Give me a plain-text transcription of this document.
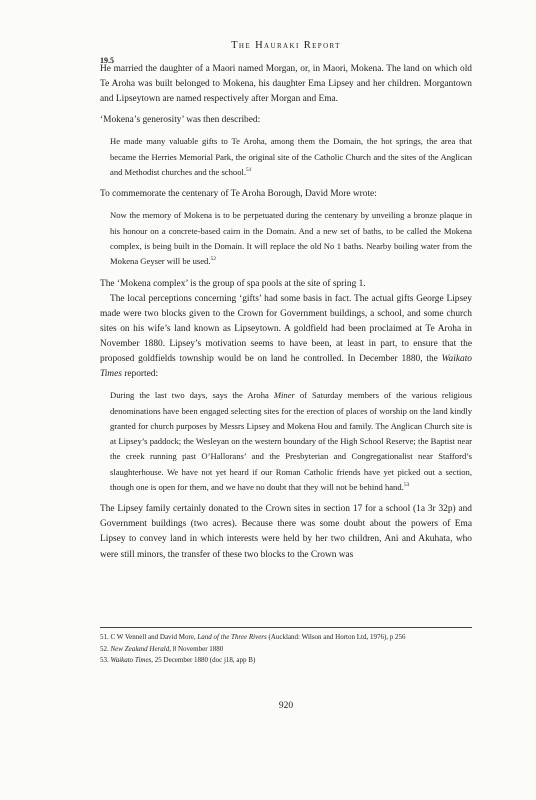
19.5
The Hauraki Report

He married the daughter of a Maori named Morgan, or, in Maori, Mokena. The land on which old Te Aroha was built belonged to Mokena, his daughter Ema Lipsey and her children. Morgantown and Lipseytown are named respectively after Morgan and Ema.

‘Mokena’s generosity’ was then described:

He made many valuable gifts to Te Aroha, among them the Domain, the hot springs, the area that became the Herries Memorial Park, the original site of the Catholic Church and the sites of the Anglican and Methodist churches and the school.$^{51}$

To commemorate the centenary of Te Aroha Borough, David More wrote:

Now the memory of Mokena is to be perpetuated during the centenary by unveiling a bronze plaque in his honour on a concrete-based cairn in the Domain. And a new set of baths, to be called the Mokena complex, is being built in the Domain. It will replace the old No 1 baths. Nearby boiling water from the Mokena Geyser will be used.$^{52}$

The ‘Mokena complex’ is the group of spa pools at the site of spring 1.

The local perceptions concerning ‘gifts’ had some basis in fact. The actual gifts George Lipsey made were two blocks given to the Crown for Government buildings, a school, and some church sites on his wife’s land known as Lipseytown. A goldfield had been proclaimed at Te Aroha in November 1880. Lipsey’s motivation seems to have been, at least in part, to ensure that the proposed goldfields township would be on land he controlled. In December 1880, the Waikato Times reported:

During the last two days, says the Aroha Miner of Saturday members of the various religious denominations have been engaged selecting sites for the erection of places of worship on the land kindly granted for church purposes by Messrs Lipsey and Mokena Hou and family. The Anglican Church site is at Lipsey’s paddock; the Wesleyan on the western boundary of the High School Reserve; the Baptist near the creek running past O’Hallorans’ and the Presbyterian and Congregationalist near Stafford’s slaughterhouse. We have not yet heard if our Roman Catholic friends have yet picked out a section, though one is open for them, and we have no doubt that they will not be behind hand.$^{53}$

The Lipsey family certainly donated to the Crown sites in section 17 for a school (1a 3r 32p) and Government buildings (two acres). Because there was some doubt about the powers of Ema Lipsey to convey land in which interests were held by her two children, Ani and Akuhata, who were still minors, the transfer of these two blocks to the Crown was

51. C W Vennell and David More, Land of the Three Rivers (Auckland: Wilson and Horton Ltd, 1976), p 256
52. New Zealand Herald, 8 November 1880
53. Waikato Times, 25 December 1880 (doc j18, app B)
920
